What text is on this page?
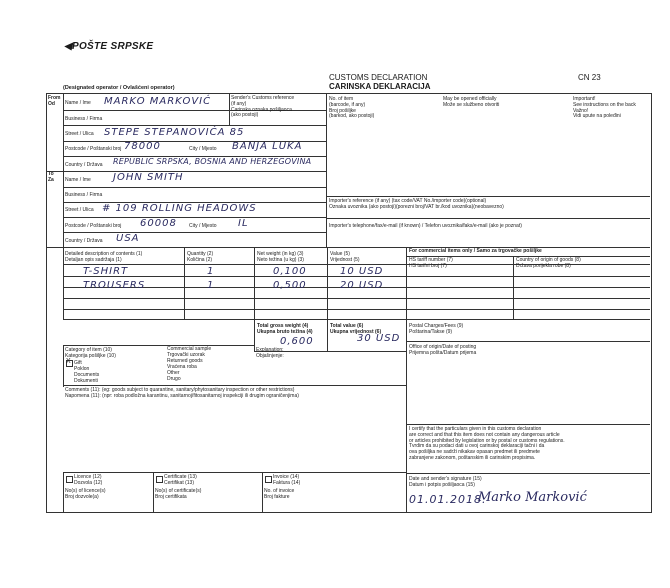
◀POŠTE SRPSKE
(Designated operator / Ovlašćeni operator)
CUSTOMS DECLARATION
CARINSKA DEKLARACIJA
CN 23
From
Od
To
Za
Name / Ime MARKO MARKOVIĆ	Sender's Customs reference
(if any)
Carinska oznaka pošiljaoca
(ako postoji)
Business / Firma
Street / Ulica STEPE STEPANOVIĆA 85
Postcode / Poštanski broj 78000	City / Mjesto BANJA LUKA
Country / Država REPUBLIC SRPSKA, BOSNIA AND HERZEGOVINA
Name / Ime JOHN SMITH
Business / Firma
Street / Ulica # 109 ROLLING HEADOWS
Postcode / Poštanski broj 60008 City / Mjesto IL
Country / Država USA
No. of item
(barcode, if any)
Broj pošiljke
(barkod, ako postoji)
May be opened officially
Može se službeno otvoriti
Important!
See instructions on the back
Važno!
Vidi upute na poleđini
Importer's reference (if any) (tax code/VAT No./importer code)(optional)
Oznaka uvoznika (ako postoji)(porezni broj/VAT br./kod uvoznika)(neobavezno)
Importer's telephone/fax/e-mail (if known) / Telefon uvoznika/faks/e-mail (ako je poznat)
Detailed description of contents (1)
Detaljan opis sadržaja (1)
Quantity (2)
Količina (2)
Net weight (in kg) (3)
Neto težina (u kg) (3)
Value (5)
Vrijednost (5)
For commercial items only / Samo za trgovačke pošiljke
HS tariff number (7)
HS tarifni broj (7)
Country of origin of goods (8)
Država porijekla robe (8)
T-SHIRT	1	0,100	10 USD
TROUSERS	1	0,500	20 USD
Total gross weight (4)
Ukupna bruto težina (4)
0,600
Total value (6)
Ukupna vrijednost (6)
30 USD
Postal Charges/Fees (9)
Poštarina/Takse (9)
Office of origin/Date of posting
Prijemna pošta/Datum prijema
Category of item (10)
Kategorija pošiljke (10)
X Gift
Poklon
Documents
Dokumenti
Commercial sample
Trgovački uzorak
Returned goods
Vraćena roba
Other
Drugo
Explanation:
Objašnjenje:
Comments (11): (eg: goods subject to quarantine, sanitary/phytosanitary inspection or other restrictions)
Napomena (11): (npr: roba podložna karantinu, sanitarnoj/fitosanitarnoj inspekciji ili drugim ograničenjima)
I certify that the particulars given in this customs declaration
are correct and that this item does not contain any dangerous article
or articles prohibited by legislation or by postal or customs regulations.
Tvrdim da su podaci dati u ovoj carinskoj deklaraciji tačni i da
ova pošiljka ne sadrži nikakav opasan predmet ili predmete
zabranjene zakonom, poštanskim ili carinskim propisima.
Licence (12)
Dozvola (12)
No(s) of licence(s)
Broj dozvole(a)
Certificate (13)
Certifikat (13)
No(s) of certificate(s)
Broj certifikata
Invoice (14)
Faktura (14)
No. of invoice
Broj fakture
Date and sender's signature (15)
Datum i potpis pošiljaoca (15)
01.01.2018.
Marko Marković
